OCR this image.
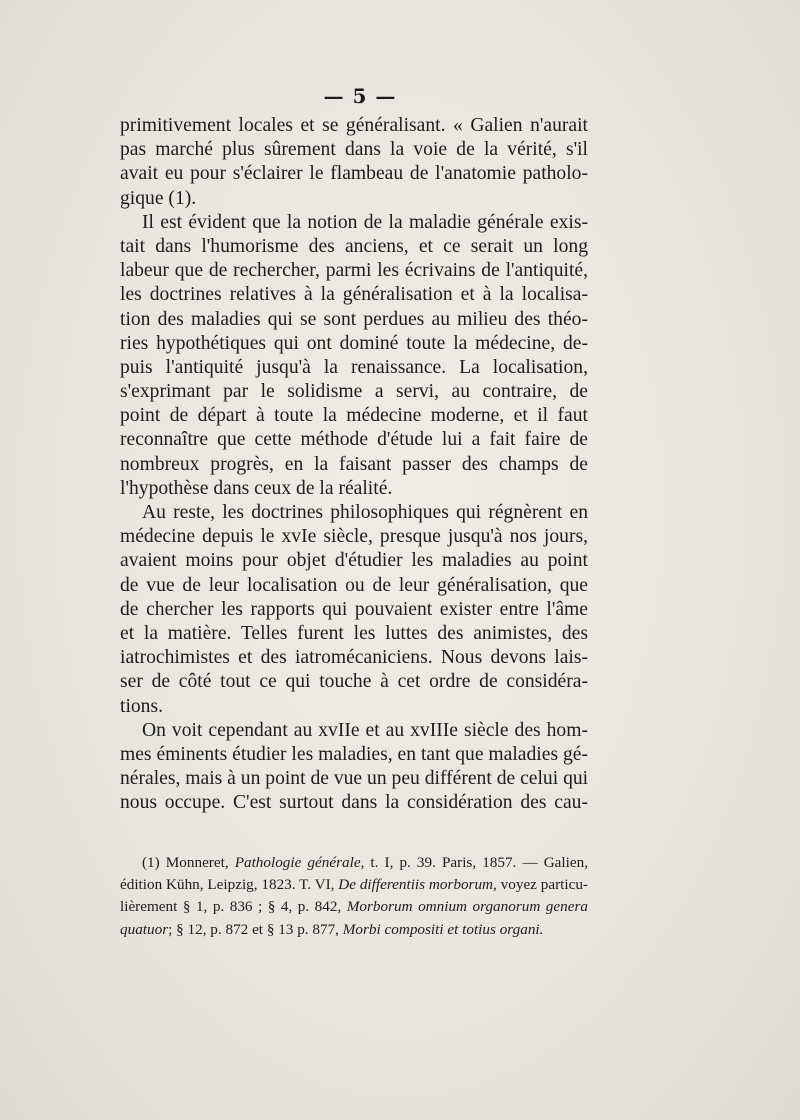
— 5 —
primitivement locales et se généralisant. « Galien n'aurait
pas marché plus sûrement dans la voie de la vérité, s'il
avait eu pour s'éclairer le flambeau de l'anatomie patholo-
gique (1).
Il est évident que la notion de la maladie générale exis-
tait dans l'humorisme des anciens, et ce serait un long
labeur que de rechercher, parmi les écrivains de l'antiquité,
les doctrines relatives à la généralisation et à la localisa-
tion des maladies qui se sont perdues au milieu des théo-
ries hypothétiques qui ont dominé toute la médecine, de-
puis l'antiquité jusqu'à la renaissance. La localisation,
s'exprimant par le solidisme a servi, au contraire, de
point de départ à toute la médecine moderne, et il faut
reconnaître que cette méthode d'étude lui a fait faire de
nombreux progrès, en la faisant passer des champs de
l'hypothèse dans ceux de la réalité.
Au reste, les doctrines philosophiques qui régnèrent en
médecine depuis le xvIe siècle, presque jusqu'à nos jours,
avaient moins pour objet d'étudier les maladies au point
de vue de leur localisation ou de leur généralisation, que
de chercher les rapports qui pouvaient exister entre l'âme
et la matière. Telles furent les luttes des animistes, des
iatrochimistes et des iatromécaniciens. Nous devons lais-
ser de côté tout ce qui touche à cet ordre de considéra-
tions.
On voit cependant au xvIIe et au xvIIIe siècle des hom-
mes éminents étudier les maladies, en tant que maladies gé-
nérales, mais à un point de vue un peu différent de celui qui
nous occupe. C'est surtout dans la considération des cau-
(1) Monneret, Pathologie générale, t. I, p. 39. Paris, 1857. — Galien,
édition Kühn, Leipzig, 1823. T. VI, De differentiis morborum, voyez particu-
lièrement § 1, p. 836 ; § 4, p. 842, Morborum omnium organorum genera
quatuor; § 12, p. 872 et § 13 p. 877, Morbi compositi et totius organi.
